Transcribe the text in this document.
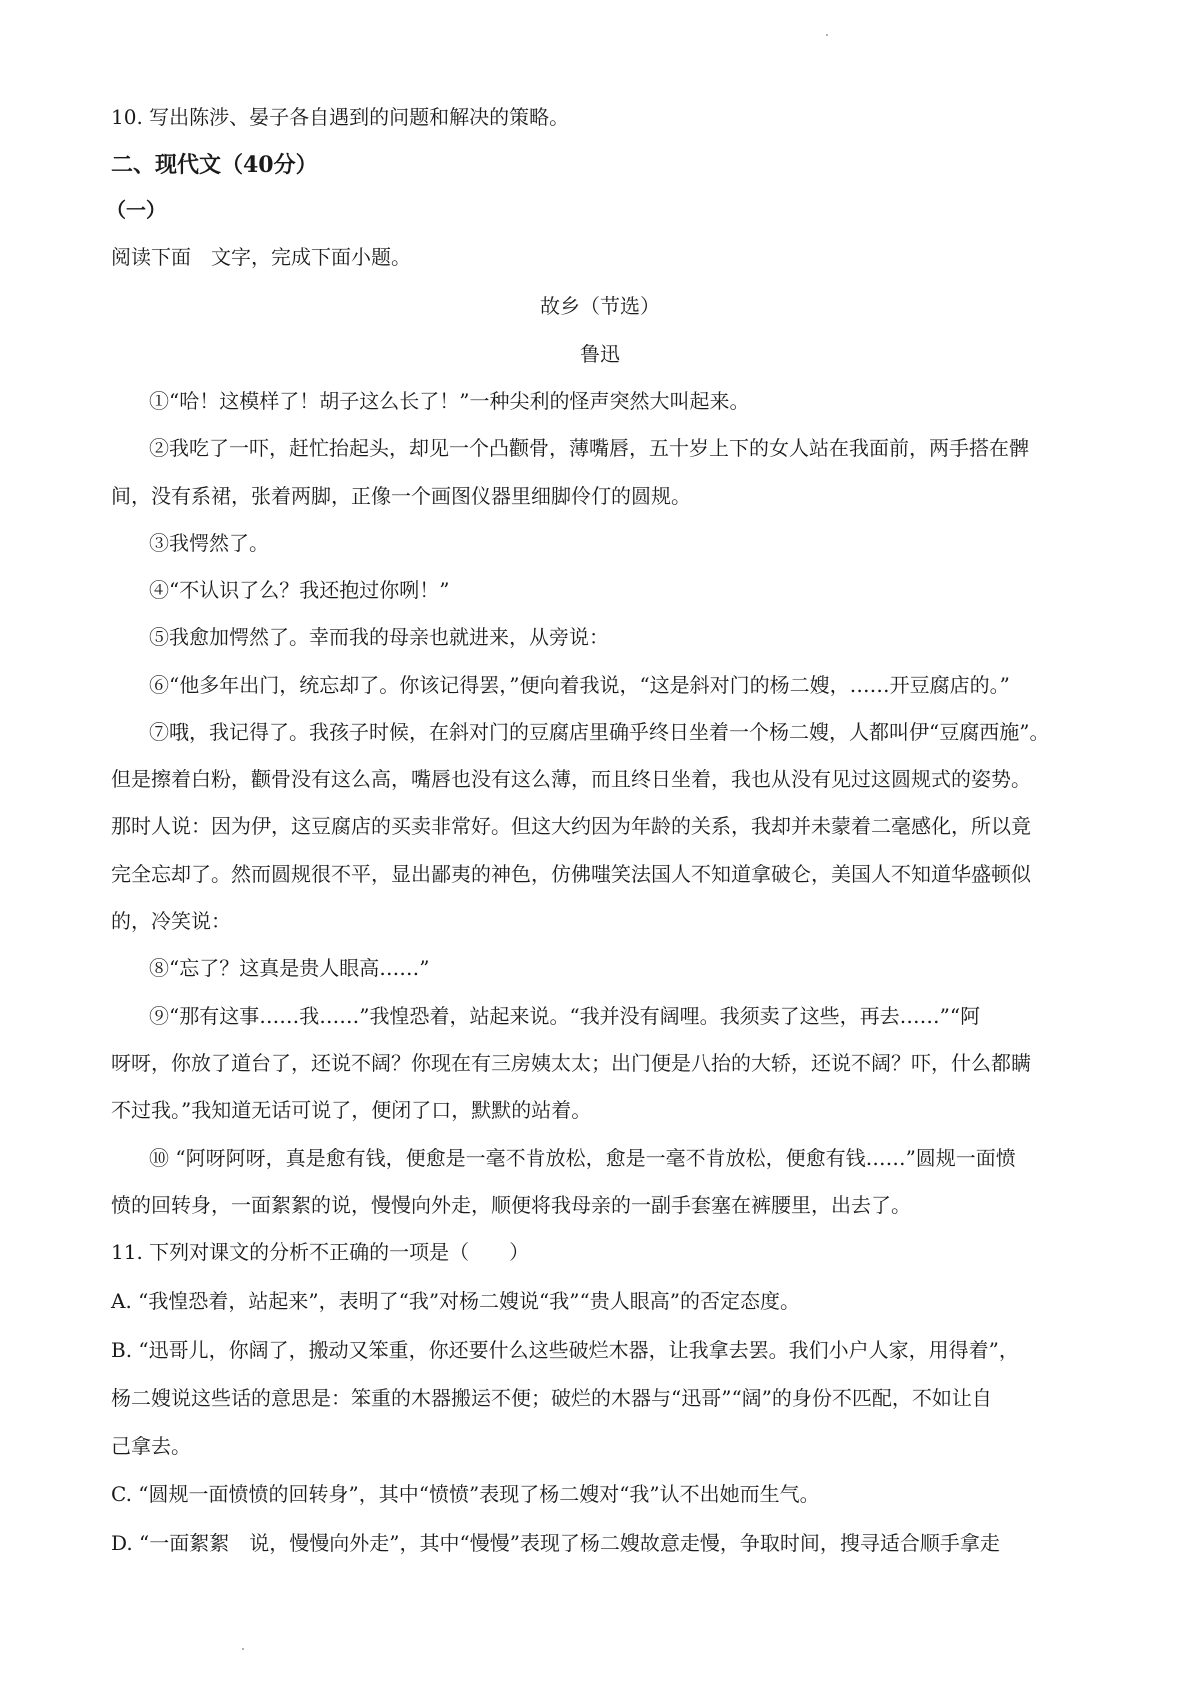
10. 写出陈涉、晏子各自遇到的问题和解决的策略。
二、现代文（40分）
（一）
阅读下面　文字，完成下面小题。
故乡（节选）
鲁迅
①“哈！这模样了！胡子这么长了！”一种尖利的怪声突然大叫起来。
②我吃了一吓，赶忙抬起头，却见一个凸颧骨，薄嘴唇，五十岁上下的女人站在我面前，两手搭在髀
间，没有系裙，张着两脚，正像一个画图仪器里细脚伶仃的圆规。
③我愕然了。
④“不认识了么？我还抱过你咧！”
⑤我愈加愕然了。幸而我的母亲也就进来，从旁说：
⑥“他多年出门，统忘却了。你该记得罢，”便向着我说，“这是斜对门的杨二嫂，……开豆腐店的。”
⑦哦，我记得了。我孩子时候，在斜对门的豆腐店里确乎终日坐着一个杨二嫂，人都叫伊“豆腐西施”。
但是擦着白粉，颧骨没有这么高，嘴唇也没有这么薄，而且终日坐着，我也从没有见过这圆规式的姿势。
那时人说：因为伊，这豆腐店的买卖非常好。但这大约因为年龄的关系，我却并未蒙着二毫感化，所以竟
完全忘却了。然而圆规很不平，显出鄙夷的神色，仿佛嗤笑法国人不知道拿破仑，美国人不知道华盛顿似
的，冷笑说：
⑧“忘了？这真是贵人眼高……”
⑨“那有这事……我……”我惶恐着，站起来说。“我并没有阔哩。我须卖了这些，再去……”“阿
呀呀，你放了道台了，还说不阔？你现在有三房姨太太；出门便是八抬的大轿，还说不阔？吓，什么都瞒
不过我。”我知道无话可说了，便闭了口，默默的站着。
⑩ “阿呀阿呀，真是愈有钱，便愈是一毫不肯放松，愈是一毫不肯放松，便愈有钱……”圆规一面愤
愤的回转身，一面絮絮的说，慢慢向外走，顺便将我母亲的一副手套塞在裤腰里，出去了。
11. 下列对课文的分析不正确的一项是（　　）
A. “我惶恐着，站起来”，表明了“我”对杨二嫂说“我”“贵人眼高”的否定态度。
B. “迅哥儿，你阔了，搬动又笨重，你还要什么这些破烂木器，让我拿去罢。我们小户人家，用得着”，
杨二嫂说这些话的意思是：笨重的木器搬运不便；破烂的木器与“迅哥”“阔”的身份不匹配，不如让自
己拿去。
C. “圆规一面愤愤的回转身”，其中“愤愤”表现了杨二嫂对“我”认不出她而生气。
D. “一面絮絮　说，慢慢向外走”，其中“慢慢”表现了杨二嫂故意走慢，争取时间，搜寻适合顺手拿走
